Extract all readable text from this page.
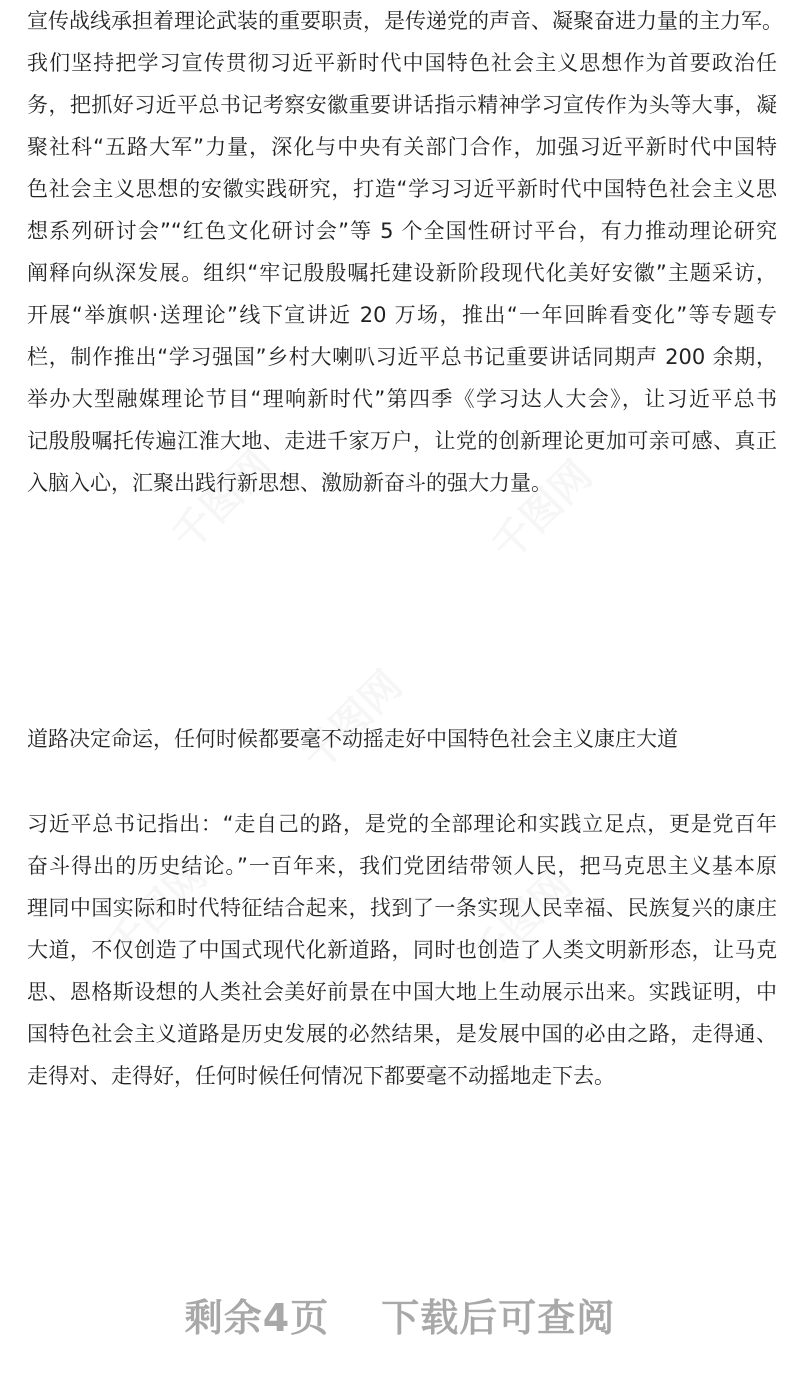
千图网	千图网
千图网
千图网	千图网
宣传战线承担着理论武装的重要职责，是传递党的声音、凝聚奋进力量的主力军。
我们坚持把学习宣传贯彻习近平新时代中国特色社会主义思想作为首要政治任
务，把抓好习近平总书记考察安徽重要讲话指示精神学习宣传作为头等大事，凝
聚社科“五路大军”力量，深化与中央有关部门合作，加强习近平新时代中国特
色社会主义思想的安徽实践研究，打造“学习习近平新时代中国特色社会主义思
想系列研讨会”“红色文化研讨会”等 5 个全国性研讨平台，有力推动理论研究
阐释向纵深发展。组织“牢记殷殷嘱托建设新阶段现代化美好安徽”主题采访，
开展“举旗帜·送理论”线下宣讲近 20 万场，推出“一年回眸看变化”等专题专
栏，制作推出“学习强国”乡村大喇叭习近平总书记重要讲话同期声 200 余期，
举办大型融媒理论节目“理响新时代”第四季《学习达人大会》，让习近平总书
记殷殷嘱托传遍江淮大地、走进千家万户，让党的创新理论更加可亲可感、真正
入脑入心，汇聚出践行新思想、激励新奋斗的强大力量。
道路决定命运，任何时候都要毫不动摇走好中国特色社会主义康庄大道
习近平总书记指出：“走自己的路，是党的全部理论和实践立足点，更是党百年
奋斗得出的历史结论。”一百年来，我们党团结带领人民，把马克思主义基本原
理同中国实际和时代特征结合起来，找到了一条实现人民幸福、民族复兴的康庄
大道，不仅创造了中国式现代化新道路，同时也创造了人类文明新形态，让马克
思、恩格斯设想的人类社会美好前景在中国大地上生动展示出来。实践证明，中
国特色社会主义道路是历史发展的必然结果，是发展中国的必由之路，走得通、
走得对、走得好，任何时候任何情况下都要毫不动摇地走下去。
剩余4页 下载后可查阅
